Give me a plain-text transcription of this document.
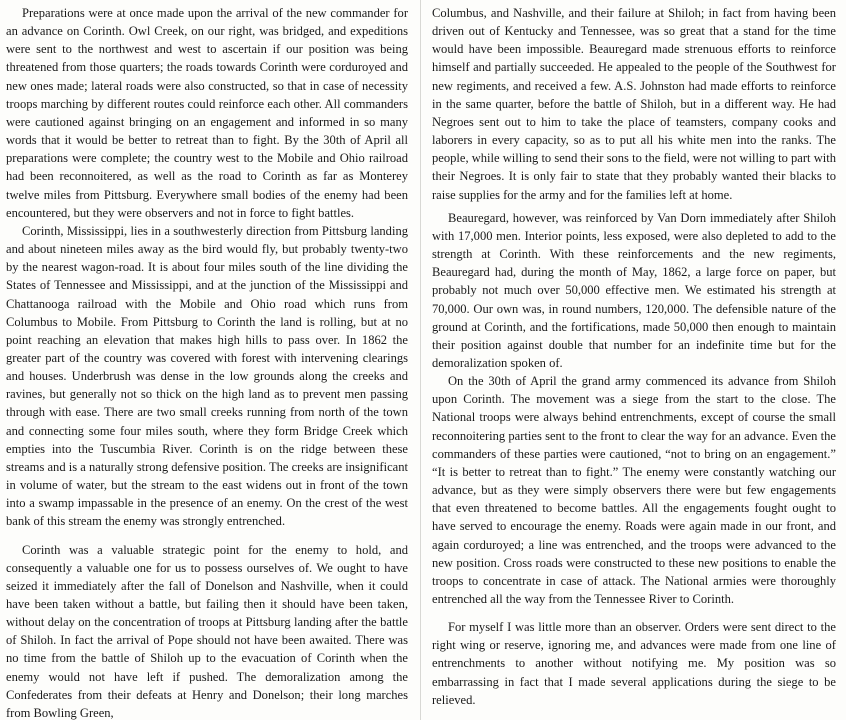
Preparations were at once made upon the arrival of the new commander for an advance on Corinth. Owl Creek, on our right, was bridged, and expeditions were sent to the northwest and west to ascertain if our position was being threatened from those quarters; the roads towards Corinth were corduroyed and new ones made; lateral roads were also constructed, so that in case of necessity troops marching by different routes could reinforce each other. All commanders were cautioned against bringing on an engagement and informed in so many words that it would be better to retreat than to fight. By the 30th of April all preparations were complete; the country west to the Mobile and Ohio railroad had been reconnoitered, as well as the road to Corinth as far as Monterey twelve miles from Pittsburg. Everywhere small bodies of the enemy had been encountered, but they were observers and not in force to fight battles.

Corinth, Mississippi, lies in a southwesterly direction from Pittsburg landing and about nineteen miles away as the bird would fly, but probably twenty-two by the nearest wagon-road. It is about four miles south of the line dividing the States of Tennessee and Mississippi, and at the junction of the Mississippi and Chattanooga railroad with the Mobile and Ohio road which runs from Columbus to Mobile. From Pittsburg to Corinth the land is rolling, but at no point reaching an elevation that makes high hills to pass over. In 1862 the greater part of the country was covered with forest with intervening clearings and houses. Underbrush was dense in the low grounds along the creeks and ravines, but generally not so thick on the high land as to prevent men passing through with ease. There are two small creeks running from north of the town and connecting some four miles south, where they form Bridge Creek which empties into the Tuscumbia River. Corinth is on the ridge between these streams and is a naturally strong defensive position. The creeks are insignificant in volume of water, but the stream to the east widens out in front of the town into a swamp impassable in the presence of an enemy. On the crest of the west bank of this stream the enemy was strongly entrenched.

Corinth was a valuable strategic point for the enemy to hold, and consequently a valuable one for us to possess ourselves of. We ought to have seized it immediately after the fall of Donelson and Nashville, when it could have been taken without a battle, but failing then it should have been taken, without delay on the concentration of troops at Pittsburg landing after the battle of Shiloh. In fact the arrival of Pope should not have been awaited. There was no time from the battle of Shiloh up to the evacuation of Corinth when the enemy would not have left if pushed. The demoralization among the Confederates from their defeats at Henry and Donelson; their long marches from Bowling Green,

Columbus, and Nashville, and their failure at Shiloh; in fact from having been driven out of Kentucky and Tennessee, was so great that a stand for the time would have been impossible. Beauregard made strenuous efforts to reinforce himself and partially succeeded. He appealed to the people of the Southwest for new regiments, and received a few. A.S. Johnston had made efforts to reinforce in the same quarter, before the battle of Shiloh, but in a different way. He had Negroes sent out to him to take the place of teamsters, company cooks and laborers in every capacity, so as to put all his white men into the ranks. The people, while willing to send their sons to the field, were not willing to part with their Negroes. It is only fair to state that they probably wanted their blacks to raise supplies for the army and for the families left at home.

Beauregard, however, was reinforced by Van Dorn immediately after Shiloh with 17,000 men. Interior points, less exposed, were also depleted to add to the strength at Corinth. With these reinforcements and the new regiments, Beauregard had, during the month of May, 1862, a large force on paper, but probably not much over 50,000 effective men. We estimated his strength at 70,000. Our own was, in round numbers, 120,000. The defensible nature of the ground at Corinth, and the fortifications, made 50,000 then enough to maintain their position against double that number for an indefinite time but for the demoralization spoken of.

On the 30th of April the grand army commenced its advance from Shiloh upon Corinth. The movement was a siege from the start to the close. The National troops were always behind entrenchments, except of course the small reconnoitering parties sent to the front to clear the way for an advance. Even the commanders of these parties were cautioned, “not to bring on an engagement.” “It is better to retreat than to fight.” The enemy were constantly watching our advance, but as they were simply observers there were but few engagements that even threatened to become battles. All the engagements fought ought to have served to encourage the enemy. Roads were again made in our front, and again corduroyed; a line was entrenched, and the troops were advanced to the new position. Cross roads were constructed to these new positions to enable the troops to concentrate in case of attack. The National armies were thoroughly entrenched all the way from the Tennessee River to Corinth.

For myself I was little more than an observer. Orders were sent direct to the right wing or reserve, ignoring me, and advances were made from one line of entrenchments to another without notifying me. My position was so embarrassing in fact that I made several applications during the siege to be relieved.
